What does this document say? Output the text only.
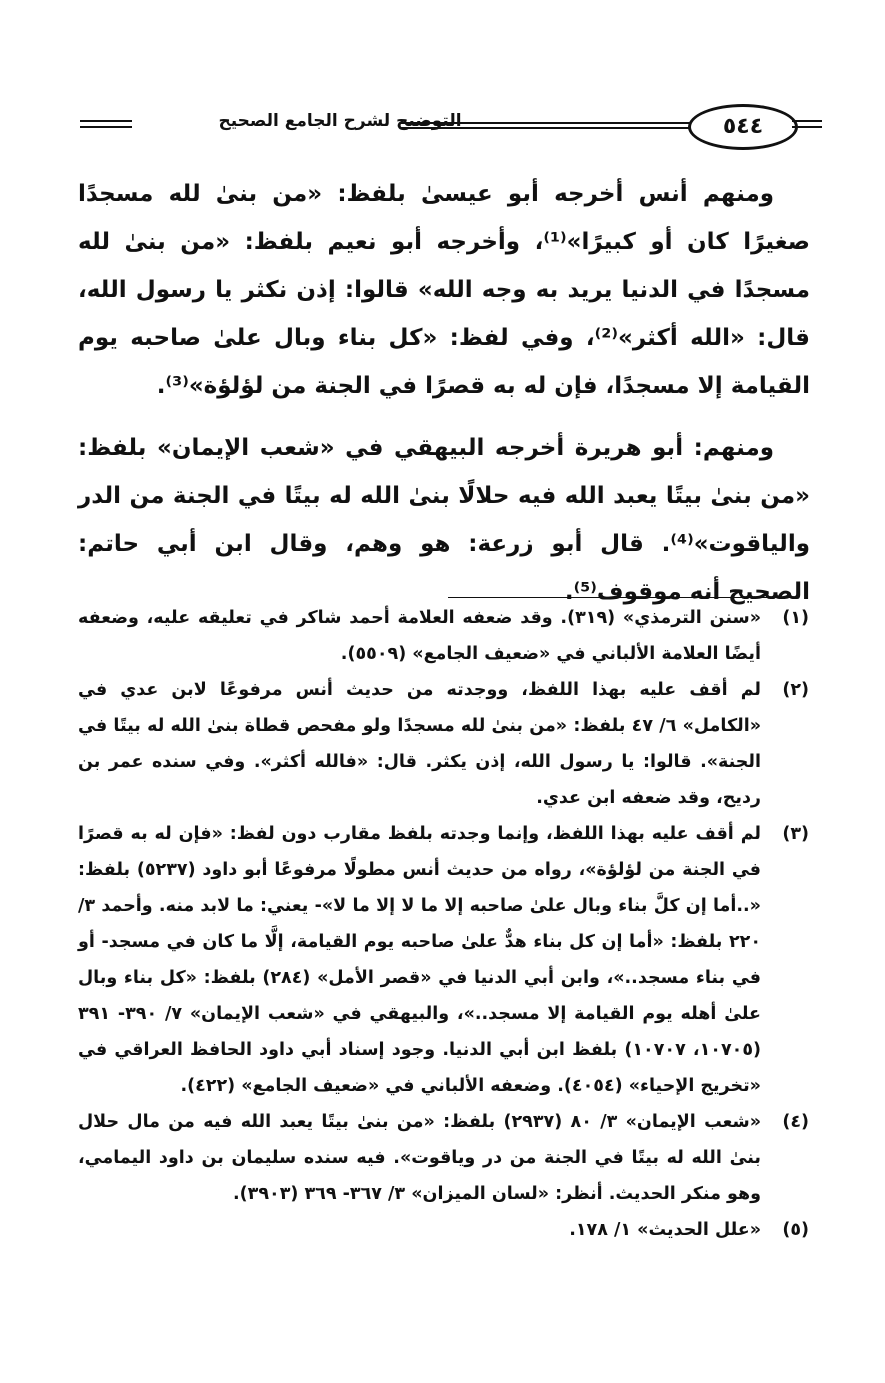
التوضيح لشرح الجامع الصحيح	٥٤٤

ومنهم أنس أخرجه أبو عيسىٰ بلفظ: «من بنىٰ لله مسجدًا صغيرًا كان أو كبيرًا»⁽¹⁾، وأخرجه أبو نعيم بلفظ: «من بنىٰ لله مسجدًا في الدنيا يريد به وجه الله» قالوا: إذن نكثر يا رسول الله، قال: «الله أكثر»⁽²⁾، وفي لفظ: «كل بناء وبال علىٰ صاحبه يوم القيامة إلا مسجدًا، فإن له به قصرًا في الجنة من لؤلؤة»⁽³⁾.

ومنهم: أبو هريرة أخرجه البيهقي في «شعب الإيمان» بلفظ: «من بنىٰ بيتًا يعبد الله فيه حلالًا بنىٰ الله له بيتًا في الجنة من الدر والياقوت»⁽⁴⁾. قال أبو زرعة: هو وهم، وقال ابن أبي حاتم: الصحيح أنه موقوف⁽⁵⁾.

(١)
«سنن الترمذي» (٣١٩). وقد ضعفه العلامة أحمد شاكر في تعليقه عليه، وضعفه أيضًا العلامة الألباني في «ضعيف الجامع» (٥٥٠٩).
(٢)
لم أقف عليه بهذا اللفظ، ووجدته من حديث أنس مرفوعًا لابن عدي في «الكامل» ٦/ ٤٧ بلفظ: «من بنىٰ لله مسجدًا ولو مفحص قطاة بنىٰ الله له بيتًا في الجنة». قالوا: يا رسول الله، إذن يكثر. قال: «فالله أكثر». وفي سنده عمر بن رديح، وقد ضعفه ابن عدي.
(٣)
لم أقف عليه بهذا اللفظ، وإنما وجدته بلفظ مقارب دون لفظ: «فإن له به قصرًا في الجنة من لؤلؤة»، رواه من حديث أنس مطولًا مرفوعًا أبو داود (٥٢٣٧) بلفظ: «..أما إن كلَّ بناء وبال علىٰ صاحبه إلا ما لا إلا ما لا»- يعني: ما لابد منه. وأحمد ٣/ ٢٢٠ بلفظ: «أما إن كل بناء هدٌّ علىٰ صاحبه يوم القيامة، إلَّا ما كان في مسجد- أو في بناء مسجد..»، وابن أبي الدنيا في «قصر الأمل» (٢٨٤) بلفظ: «كل بناء وبال علىٰ أهله يوم القيامة إلا مسجد..»، والبيهقي في «شعب الإيمان» ٧/ ٣٩٠- ٣٩١ (١٠٧٠٥، ١٠٧٠٧) بلفظ ابن أبي الدنيا. وجود إسناد أبي داود الحافظ العراقي في «تخريج الإحياء» (٤٠٥٤). وضعفه الألباني في «ضعيف الجامع» (٤٢٢).
(٤)
«شعب الإيمان» ٣/ ٨٠ (٢٩٣٧) بلفظ: «من بنىٰ بيتًا يعبد الله فيه من مال حلال بنىٰ الله له بيتًا في الجنة من در وياقوت». فيه سنده سليمان بن داود اليمامي، وهو منكر الحديث. أنظر: «لسان الميزان» ٣/ ٣٦٧- ٣٦٩ (٣٩٠٣).
(٥)
«علل الحديث» ١/ ١٧٨.
